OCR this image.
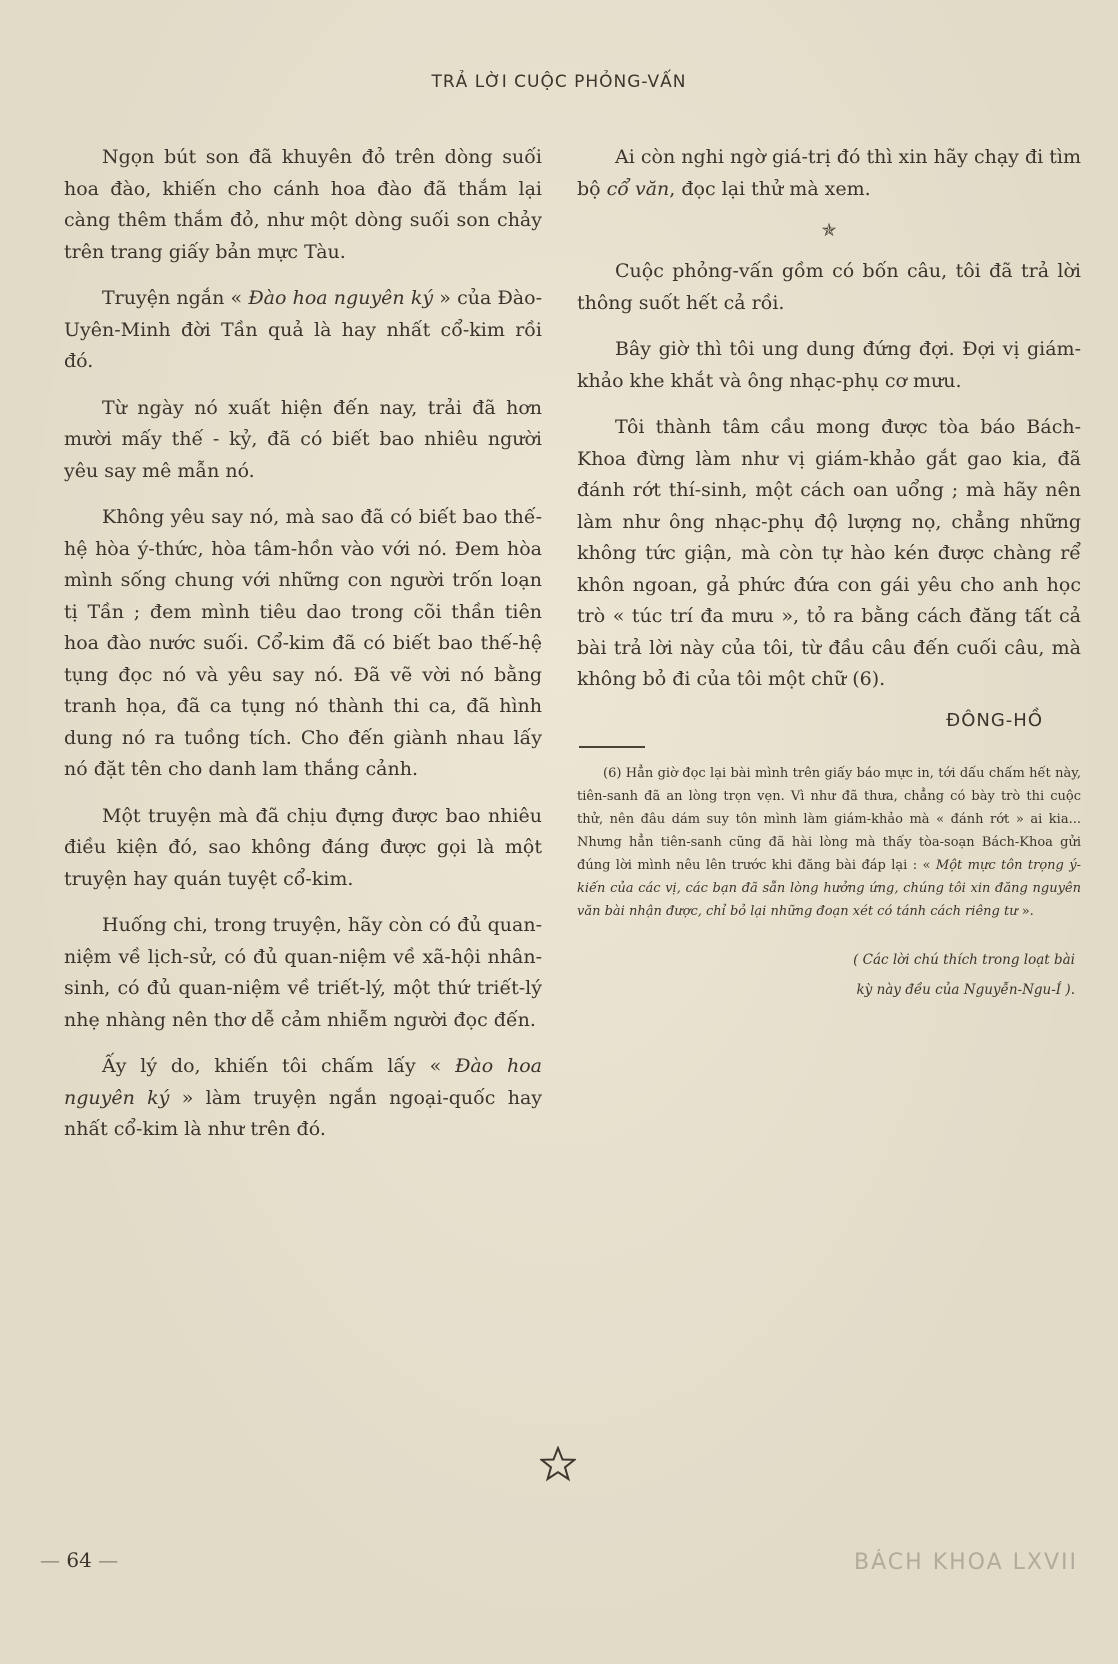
TRẢ LỜI CUỘC PHỎNG-VẤN

Ngọn bút son đã khuyên đỏ trên dòng suối hoa đào, khiến cho cánh hoa đào đã thắm lại càng thêm thắm đỏ, như một dòng suối son chảy trên trang giấy bản mực Tàu.

Truyện ngắn « Đào hoa nguyên ký » của Đào-Uyên-Minh đời Tần quả là hay nhất cổ-kim rồi đó.

Từ ngày nó xuất hiện đến nay, trải đã hơn mười mấy thế - kỷ, đã có biết bao nhiêu người yêu say mê mẫn nó.

Không yêu say nó, mà sao đã có biết bao thế-hệ hòa ý-thức, hòa tâm-hồn vào với nó. Đem hòa mình sống chung với những con người trốn loạn tị Tần ; đem mình tiêu dao trong cõi thần tiên hoa đào nước suối. Cổ-kim đã có biết bao thế-hệ tụng đọc nó và yêu say nó. Đã vẽ vời nó bằng tranh họa, đã ca tụng nó thành thi ca, đã hình dung nó ra tuồng tích. Cho đến giành nhau lấy nó đặt tên cho danh lam thắng cảnh.

Một truyện mà đã chịu đựng được bao nhiêu điều kiện đó, sao không đáng được gọi là một truyện hay quán tuyệt cổ-kim.

Huống chi, trong truyện, hãy còn có đủ quan-niệm về lịch-sử, có đủ quan-niệm về xã-hội nhân-sinh, có đủ quan-niệm về triết-lý, một thứ triết-lý nhẹ nhàng nên thơ dễ cảm nhiễm người đọc đến.

Ấy lý do, khiến tôi chấm lấy « Đào hoa nguyên ký » làm truyện ngắn ngoại-quốc hay nhất cổ-kim là như trên đó.

Ai còn nghi ngờ giá-trị đó thì xin hãy chạy đi tìm bộ cổ văn, đọc lại thử mà xem.

✯

Cuộc phỏng-vấn gồm có bốn câu, tôi đã trả lời thông suốt hết cả rồi.

Bây giờ thì tôi ung dung đứng đợi. Đợi vị giám-khảo khe khắt và ông nhạc-phụ cơ mưu.

Tôi thành tâm cầu mong được tòa báo Bách-Khoa đừng làm như vị giám-khảo gắt gao kia, đã đánh rớt thí-sinh, một cách oan uổng ; mà hãy nên làm như ông nhạc-phụ độ lượng nọ, chẳng những không tức giận, mà còn tự hào kén được chàng rể khôn ngoan, gả phức đứa con gái yêu cho anh học trò « túc trí đa mưu », tỏ ra bằng cách đăng tất cả bài trả lời này của tôi, từ đầu câu đến cuối câu, mà không bỏ đi của tôi một chữ (6).

ĐÔNG-HỒ

(6) Hẳn giờ đọc lại bài mình trên giấy báo mực in, tới dấu chấm hết này, tiên-sanh đã an lòng trọn vẹn. Vì như đã thưa, chẳng có bày trò thi cuộc thử, nên đâu dám suy tôn mình làm giám-khảo mà « đánh rớt » ai kia... Nhưng hẳn tiên-sanh cũng đã hài lòng mà thấy tòa-soạn Bách-Khoa gửi đúng lời mình nêu lên trước khi đăng bài đáp lại : « Một mực tôn trọng ý-kiến của các vị, các bạn đã sẵn lòng hưởng ứng, chúng tôi xin đăng nguyên văn bài nhận được, chỉ bỏ lại những đoạn xét có tánh cách riêng tư ».

( Các lời chú thích trong loạt bài
kỳ này đều của Nguyễn-Ngu-Í ).
— 64 —	BÁCH KHOA LXVII
